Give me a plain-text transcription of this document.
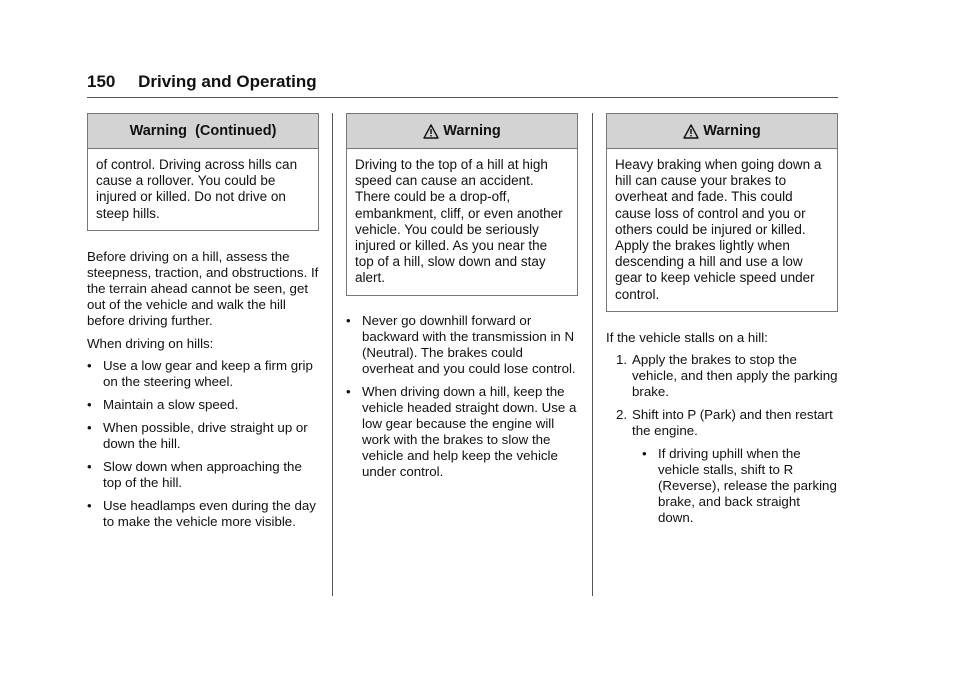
150 Driving and Operating
Warning  (Continued)
of control. Driving across hills can cause a rollover. You could be injured or killed. Do not drive on steep hills.

Before driving on a hill, assess the steepness, traction, and obstructions. If the terrain ahead cannot be seen, get out of the vehicle and walk the hill before driving further.

When driving on hills:

• Use a low gear and keep a firm grip on the steering wheel.
• Maintain a slow speed.
• When possible, drive straight up or down the hill.
• Slow down when approaching the top of the hill.
• Use headlamps even during the day to make the vehicle more visible.
Warning
Driving to the top of a hill at high speed can cause an accident. There could be a drop-off, embankment, cliff, or even another vehicle. You could be seriously injured or killed. As you near the top of a hill, slow down and stay alert.
• Never go downhill forward or backward with the transmission in N (Neutral). The brakes could overheat and you could lose control.
• When driving down a hill, keep the vehicle headed straight down. Use a low gear because the engine will work with the brakes to slow the vehicle and help keep the vehicle under control.
Warning
Heavy braking when going down a hill can cause your brakes to overheat and fade. This could cause loss of control and you or others could be injured or killed. Apply the brakes lightly when descending a hill and use a low gear to keep vehicle speed under control.

If the vehicle stalls on a hill:

1. Apply the brakes to stop the vehicle, and then apply the parking brake.
2. Shift into P (Park) and then restart the engine.
• If driving uphill when the vehicle stalls, shift to R (Reverse), release the parking brake, and back straight down.
